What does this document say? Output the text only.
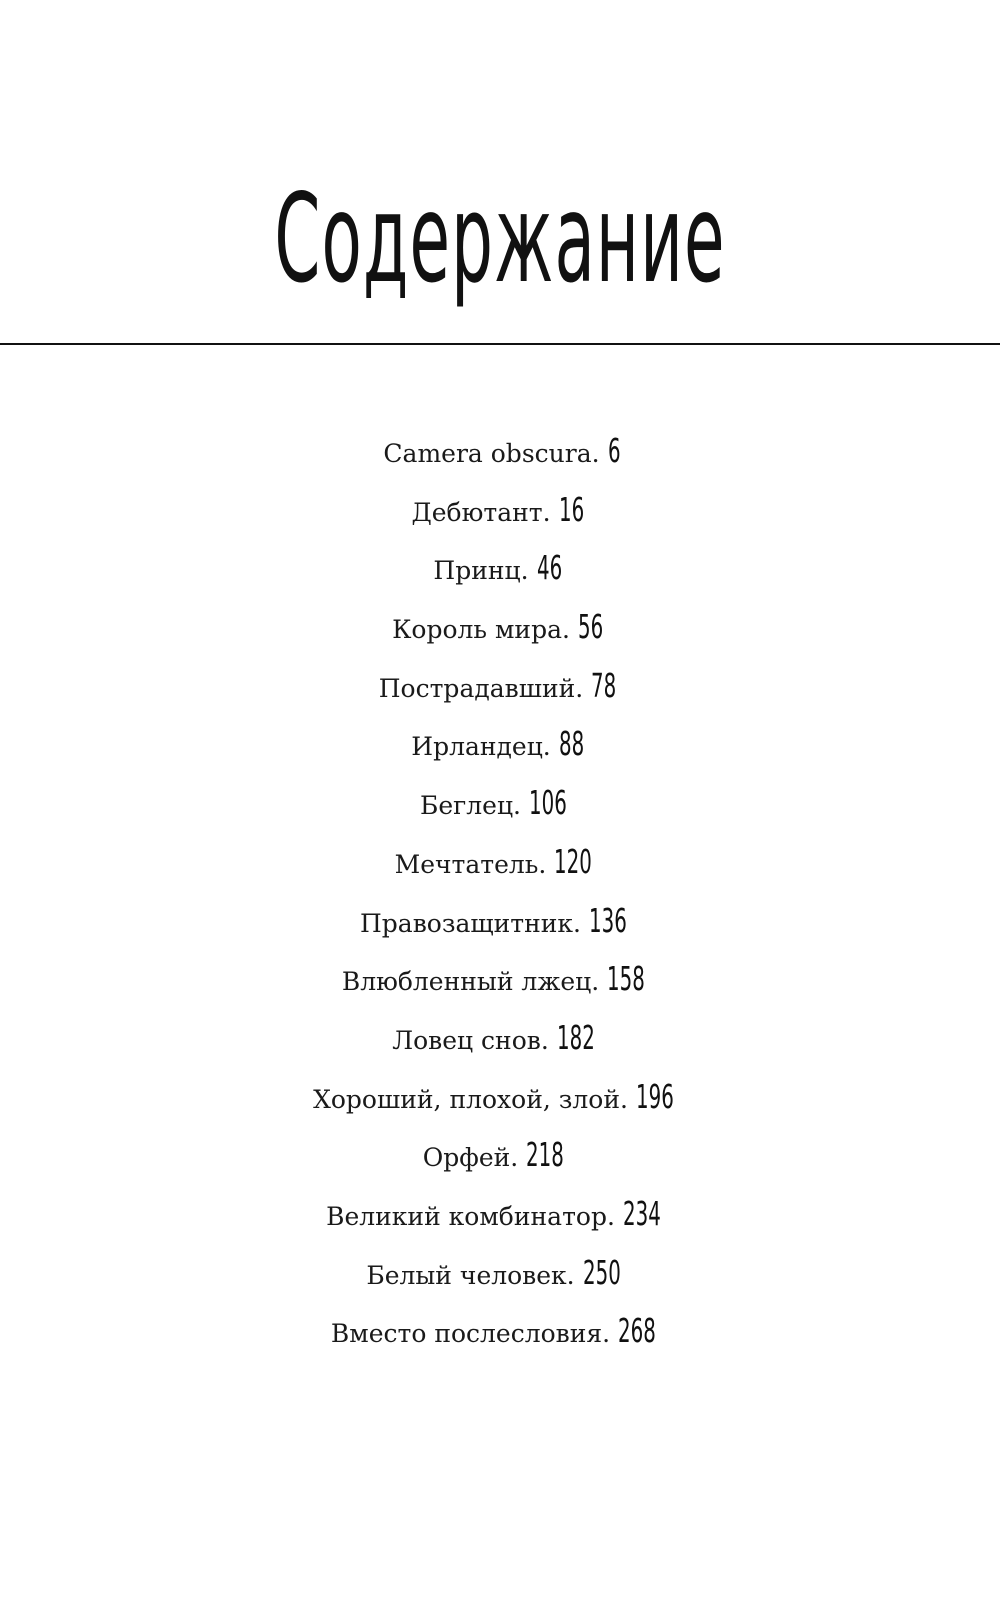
Содержание
Camera obscura. 6
Дебютант. 16
Принц. 46
Король мира. 56
Пострадавший. 78
Ирландец. 88
Беглец. 106
Мечтатель. 120
Правозащитник. 136
Влюбленный лжец. 158
Ловец снов. 182
Хороший, плохой, злой. 196
Орфей. 218
Великий комбинатор. 234
Белый человек. 250
Вместо послесловия. 268
